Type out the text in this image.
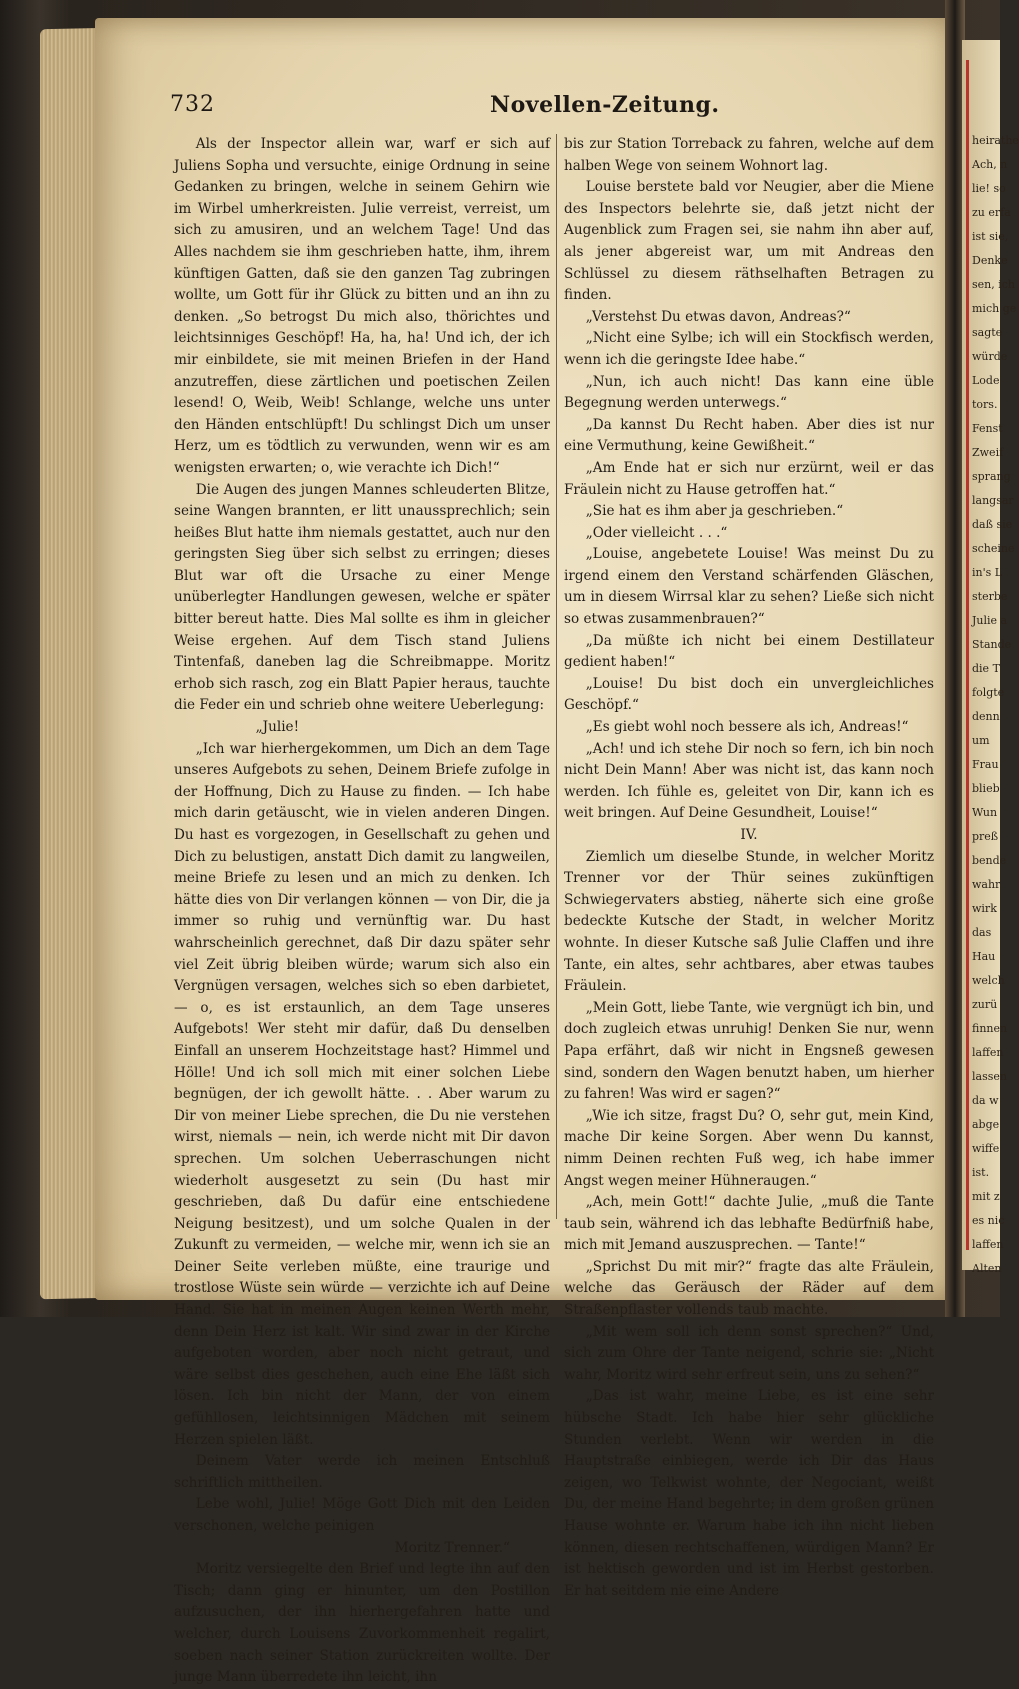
heirathe
Ach, n
lie! so
zu erfa
ist sie,
Denke
sen, ich
mich ge
sagte
würde
Lode
tors.
Fenst
Zweif
sprang
langsar
daß sie
scheine
in's L
sterbe
Julie a
Stande
die T
folgte
denn
um
Frau
blieb
Wun
preß
bende
wahr
wirk
das
Hau
welch
zurü
finnen
laffen
lassen
da w
abge
wiffe
ist.
mit z
es nic
laffen
Alten
732	Novellen-Zeitung.

Als der Inspector allein war, warf er sich auf Juliens Sopha und versuchte, einige Ordnung in seine Gedanken zu bringen, welche in seinem Gehirn wie im Wirbel umherkreisten. Julie verreist, verreist, um sich zu amusiren, und an welchem Tage! Und das Alles nachdem sie ihm geschrieben hatte, ihm, ihrem künftigen Gatten, daß sie den ganzen Tag zubringen wollte, um Gott für ihr Glück zu bitten und an ihn zu denken. „So betrogst Du mich also, thörichtes und leichtsinniges Geschöpf! Ha, ha, ha! Und ich, der ich mir einbildete, sie mit meinen Briefen in der Hand anzutreffen, diese zärtlichen und poetischen Zeilen lesend! O, Weib, Weib! Schlange, welche uns unter den Händen entschlüpft! Du schlingst Dich um unser Herz, um es tödtlich zu verwunden, wenn wir es am wenigsten erwarten; o, wie verachte ich Dich!“

Die Augen des jungen Mannes schleuderten Blitze, seine Wangen brannten, er litt unaussprechlich; sein heißes Blut hatte ihm niemals gestattet, auch nur den geringsten Sieg über sich selbst zu erringen; dieses Blut war oft die Ursache zu einer Menge unüberlegter Handlungen gewesen, welche er später bitter bereut hatte. Dies Mal sollte es ihm in gleicher Weise ergehen. Auf dem Tisch stand Juliens Tintenfaß, daneben lag die Schreibmappe. Moritz erhob sich rasch, zog ein Blatt Papier heraus, tauchte die Feder ein und schrieb ohne weitere Ueberlegung:

„Julie!

„Ich war hierhergekommen, um Dich an dem Tage unseres Aufgebots zu sehen, Deinem Briefe zufolge in der Hoffnung, Dich zu Hause zu finden. — Ich habe mich darin getäuscht, wie in vielen anderen Dingen. Du hast es vorgezogen, in Gesellschaft zu gehen und Dich zu belustigen, anstatt Dich damit zu langweilen, meine Briefe zu lesen und an mich zu denken. Ich hätte dies von Dir verlangen können — von Dir, die ja immer so ruhig und vernünftig war. Du hast wahrscheinlich gerechnet, daß Dir dazu später sehr viel Zeit übrig bleiben würde; warum sich also ein Vergnügen versagen, welches sich so eben darbietet, — o, es ist erstaunlich, an dem Tage unseres Aufgebots! Wer steht mir dafür, daß Du denselben Einfall an unserem Hochzeitstage hast? Himmel und Hölle! Und ich soll mich mit einer solchen Liebe begnügen, der ich gewollt hätte. . . Aber warum zu Dir von meiner Liebe sprechen, die Du nie verstehen wirst, niemals — nein, ich werde nicht mit Dir davon sprechen. Um solchen Ueberraschungen nicht wiederholt ausgesetzt zu sein (Du hast mir geschrieben, daß Du dafür eine entschiedene Neigung besitzest), und um solche Qualen in der Zukunft zu vermeiden, — welche mir, wenn ich sie an Deiner Seite verleben müßte, eine traurige und trostlose Wüste sein würde — verzichte ich auf Deine Hand. Sie hat in meinen Augen keinen Werth mehr, denn Dein Herz ist kalt. Wir sind zwar in der Kirche aufgeboten worden, aber noch nicht getraut, und wäre selbst dies geschehen, auch eine Ehe läßt sich lösen. Ich bin nicht der Mann, der von einem gefühllosen, leichtsinnigen Mädchen mit seinem Herzen spielen läßt.

Deinem Vater werde ich meinen Entschluß schriftlich mittheilen.

Lebe wohl, Julie! Möge Gott Dich mit den Leiden verschonen, welche peinigen

Moritz Trenner.“

Moritz versiegelte den Brief und legte ihn auf den Tisch; dann ging er hinunter, um den Postillon aufzusuchen, der ihn hierhergefahren hatte und welcher, durch Louisens Zuvorkommenheit regalirt, soeben nach seiner Station zurückreiten wollte. Der junge Mann überredete ihn leicht, ihn

bis zur Station Torreback zu fahren, welche auf dem halben Wege von seinem Wohnort lag.

Louise berstete bald vor Neugier, aber die Miene des Inspectors belehrte sie, daß jetzt nicht der Augenblick zum Fragen sei, sie nahm ihn aber auf, als jener abgereist war, um mit Andreas den Schlüssel zu diesem räthselhaften Betragen zu finden.

„Verstehst Du etwas davon, Andreas?“

„Nicht eine Sylbe; ich will ein Stockfisch werden, wenn ich die geringste Idee habe.“

„Nun, ich auch nicht! Das kann eine üble Begegnung werden unterwegs.“

„Da kannst Du Recht haben. Aber dies ist nur eine Vermuthung, keine Gewißheit.“

„Am Ende hat er sich nur erzürnt, weil er das Fräulein nicht zu Hause getroffen hat.“

„Sie hat es ihm aber ja geschrieben.“

„Oder vielleicht . . .“

„Louise, angebetete Louise! Was meinst Du zu irgend einem den Verstand schärfenden Gläschen, um in diesem Wirrsal klar zu sehen? Ließe sich nicht so etwas zusammenbrauen?“

„Da müßte ich nicht bei einem Destillateur gedient haben!“

„Louise! Du bist doch ein unvergleichliches Geschöpf.“

„Es giebt wohl noch bessere als ich, Andreas!“

„Ach! und ich stehe Dir noch so fern, ich bin noch nicht Dein Mann! Aber was nicht ist, das kann noch werden. Ich fühle es, geleitet von Dir, kann ich es weit bringen. Auf Deine Gesundheit, Louise!“

IV.

Ziemlich um dieselbe Stunde, in welcher Moritz Trenner vor der Thür seines zukünftigen Schwiegervaters abstieg, näherte sich eine große bedeckte Kutsche der Stadt, in welcher Moritz wohnte. In dieser Kutsche saß Julie Claffen und ihre Tante, ein altes, sehr achtbares, aber etwas taubes Fräulein.

„Mein Gott, liebe Tante, wie vergnügt ich bin, und doch zugleich etwas unruhig! Denken Sie nur, wenn Papa erfährt, daß wir nicht in Engsneß gewesen sind, sondern den Wagen benutzt haben, um hierher zu fahren! Was wird er sagen?“

„Wie ich sitze, fragst Du? O, sehr gut, mein Kind, mache Dir keine Sorgen. Aber wenn Du kannst, nimm Deinen rechten Fuß weg, ich habe immer Angst wegen meiner Hühneraugen.“

„Ach, mein Gott!“ dachte Julie, „muß die Tante taub sein, während ich das lebhafte Bedürfniß habe, mich mit Jemand auszusprechen. — Tante!“

„Sprichst Du mit mir?“ fragte das alte Fräulein, welche das Geräusch der Räder auf dem Straßenpflaster vollends taub machte.

„Mit wem soll ich denn sonst sprechen?“ Und, sich zum Ohre der Tante neigend, schrie sie: „Nicht wahr, Moritz wird sehr erfreut sein, uns zu sehen?“

„Das ist wahr, meine Liebe, es ist eine sehr hübsche Stadt. Ich habe hier sehr glückliche Stunden verlebt. Wenn wir werden in die Hauptstraße einbiegen, werde ich Dir das Haus zeigen, wo Telkwist wohnte, der Negociant, weißt Du, der meine Hand begehrte; in dem großen grünen Hause wohnte er. Warum habe ich ihn nicht lieben können, diesen rechtschaffenen, würdigen Mann? Er ist hektisch geworden und ist im Herbst gestorben. Er hat seitdem nie eine Andere
